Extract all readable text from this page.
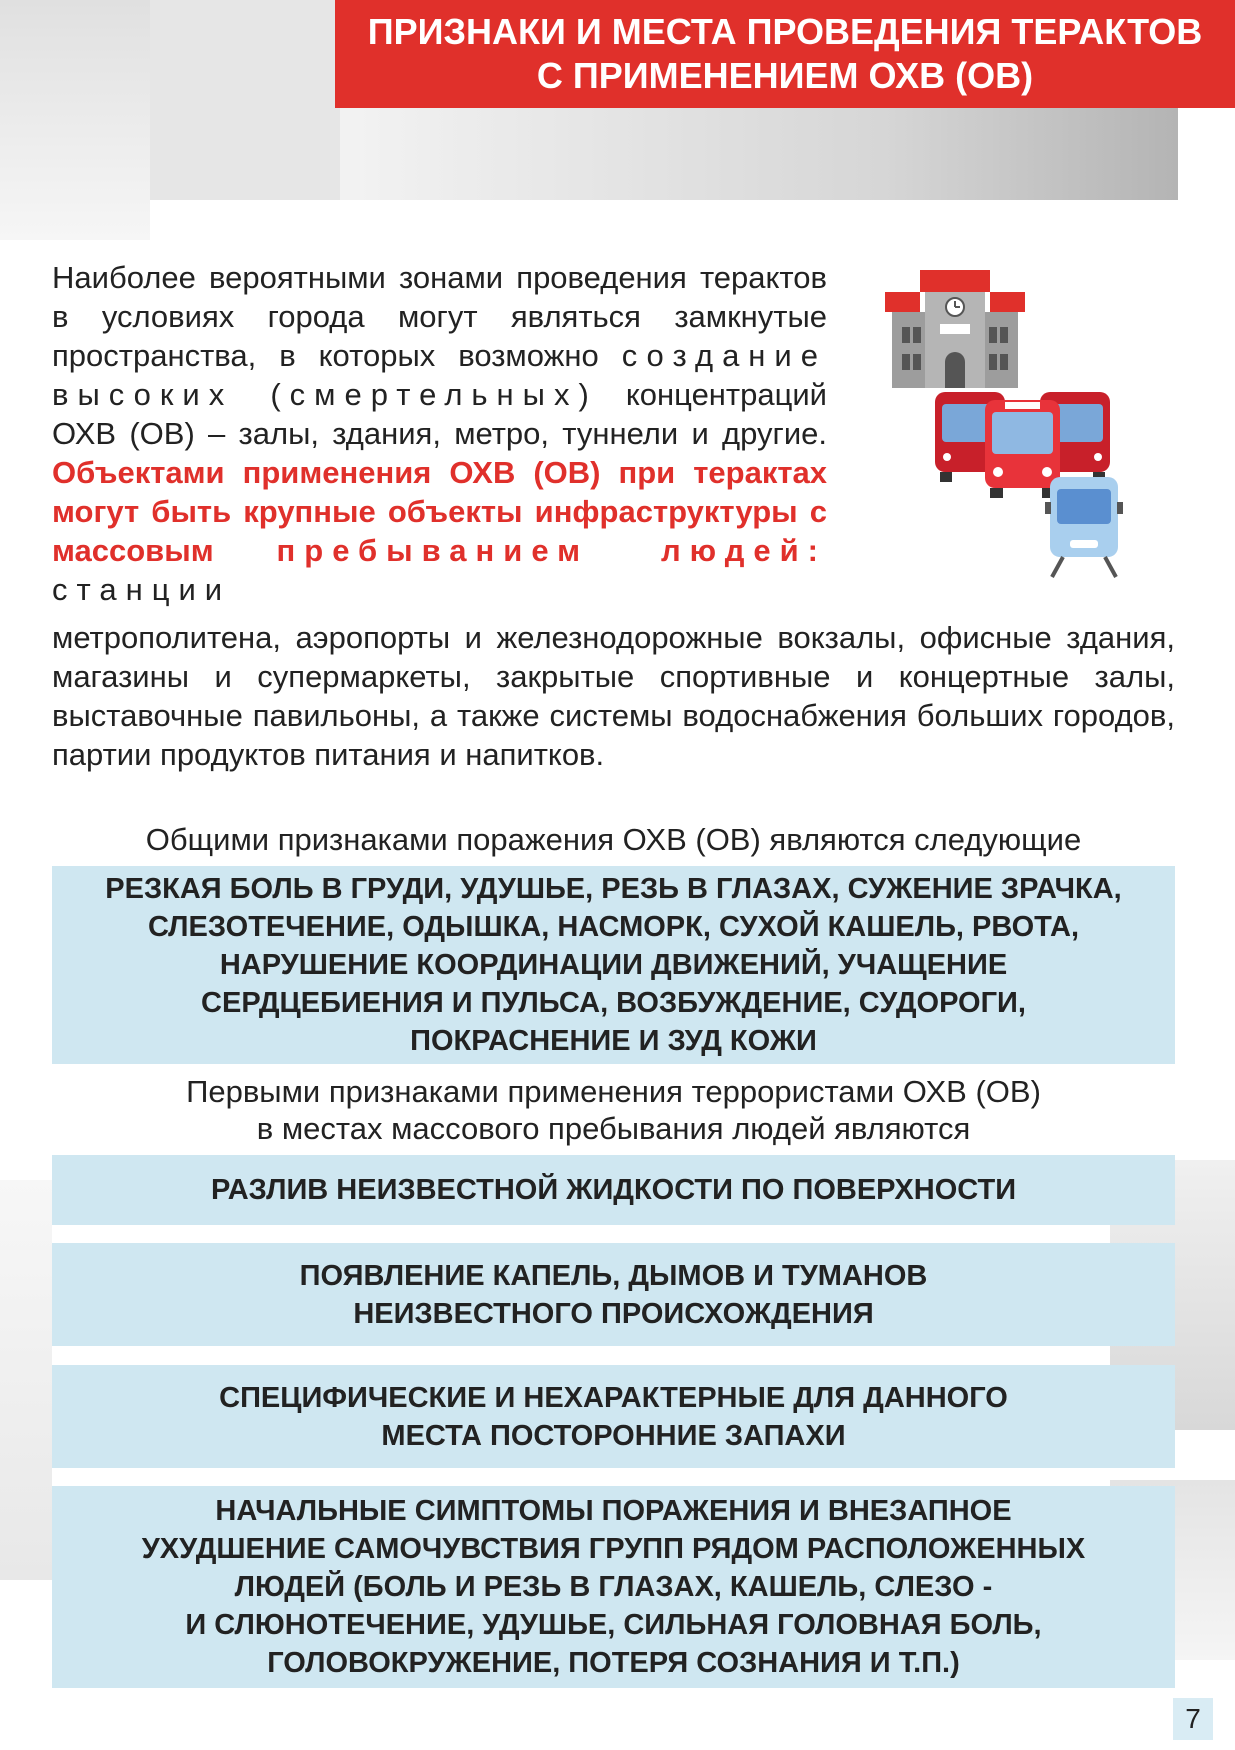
ПРИЗНАКИ И МЕСТА ПРОВЕДЕНИЯ ТЕРАКТОВ
С ПРИМЕНЕНИЕМ ОХВ (ОВ)
Наиболее вероятными зонами проведения терактов в условиях города могут являться замкнутые пространства, в которых возможно создание высоких (смертельных) концентраций ОХВ (ОВ) – залы, здания, метро, туннели и другие. Объектами применения ОХВ (ОВ) при терактах могут быть крупные объекты инфраструктуры с массовым пребыванием людей: станции
метрополитена, аэропорты и железнодорожные вокзалы, офисные здания, магазины и супермаркеты, закрытые спортивные и концертные залы, выставочные павильоны, а также системы водоснабжения больших городов, партии продуктов питания и напитков.
Общими признаками поражения ОХВ (ОВ) являются следующие
РЕЗКАЯ БОЛЬ В ГРУДИ, УДУШЬЕ, РЕЗЬ В ГЛАЗАХ, СУЖЕНИЕ ЗРАЧКА,
СЛЕЗОТЕЧЕНИЕ, ОДЫШКА, НАСМОРК, СУХОЙ КАШЕЛЬ, РВОТА,
НАРУШЕНИЕ КООРДИНАЦИИ ДВИЖЕНИЙ, УЧАЩЕНИЕ
СЕРДЦЕБИЕНИЯ И ПУЛЬСА, ВОЗБУЖДЕНИЕ, СУДОРОГИ,
ПОКРАСНЕНИЕ И ЗУД КОЖИ
Первыми признаками применения террористами ОХВ (ОВ)
в местах массового пребывания людей являются
РАЗЛИВ НЕИЗВЕСТНОЙ ЖИДКОСТИ ПО ПОВЕРХНОСТИ
ПОЯВЛЕНИЕ КАПЕЛЬ, ДЫМОВ И ТУМАНОВ
НЕИЗВЕСТНОГО ПРОИСХОЖДЕНИЯ
СПЕЦИФИЧЕСКИЕ И НЕХАРАКТЕРНЫЕ ДЛЯ ДАННОГО
МЕСТА ПОСТОРОННИЕ ЗАПАХИ
НАЧАЛЬНЫЕ СИМПТОМЫ ПОРАЖЕНИЯ И ВНЕЗАПНОЕ
УХУДШЕНИЕ САМОЧУВСТВИЯ ГРУПП РЯДОМ РАСПОЛОЖЕННЫХ
ЛЮДЕЙ (БОЛЬ И РЕЗЬ В ГЛАЗАХ, КАШЕЛЬ, СЛЕЗО -
И СЛЮНОТЕЧЕНИЕ, УДУШЬЕ, СИЛЬНАЯ ГОЛОВНАЯ БОЛЬ,
ГОЛОВОКРУЖЕНИЕ, ПОТЕРЯ СОЗНАНИЯ И Т.П.)
7
